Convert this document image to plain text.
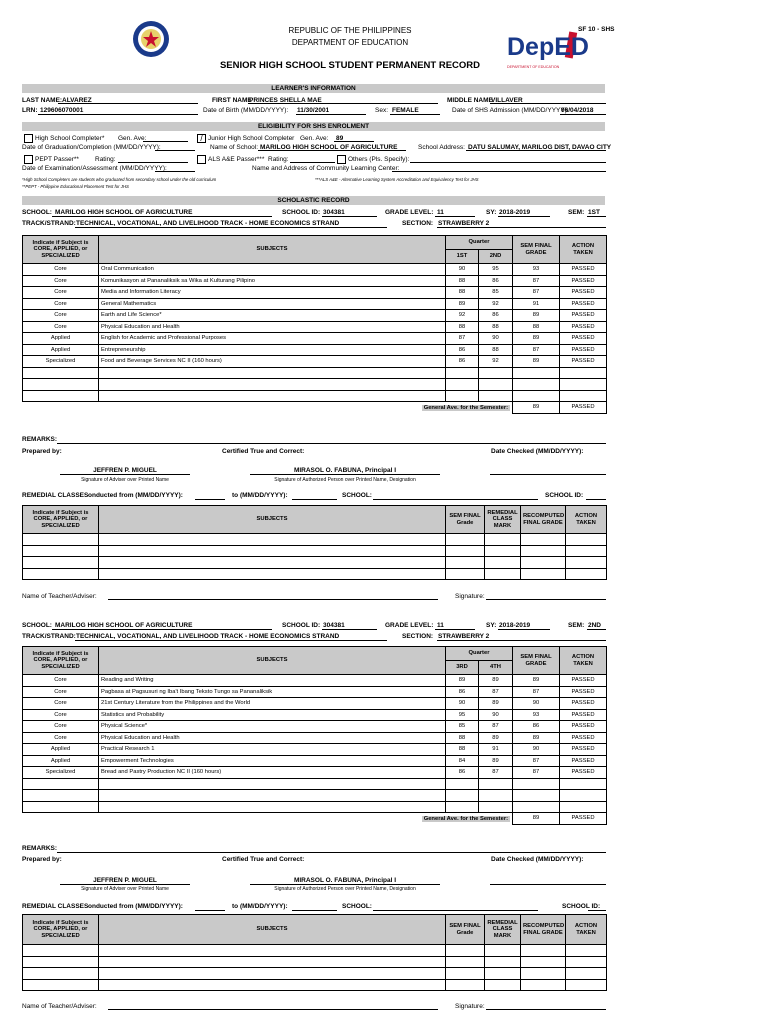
REPUBLIC OF THE PHILIPPINES
DEPARTMENT OF EDUCATION
SENIOR HIGH SCHOOL STUDENT PERMANENT RECORD
SF 10 - SHS
DepED
DEPARTMENT OF EDUCATION
LEARNER'S INFORMATION
LAST NAME: ALVAREZ	FIRST NAME
PRINCES SHELLA MAE	MIDDLE NAME
VILLAVER
LRN: 129606070001	Date of Birth (MM/DD/YYYY): 11/30/2001	Sex: FEMALE	Date of SHS Admission (MM/DD/YYYY):
06/04/2018
ELIGIBILITY FOR SHS ENROLMENT
High School Completer* Gen. Ave:	/ Junior High School Completer Gen. Ave: 89
Date of Graduation/Completion (MM/DD/YYYY):	Name of School: MARILOG HIGH SCHOOL OF AGRICULTURE	School Address: DATU SALUMAY, MARILOG DIST, DAVAO CITY
PEPT Passer** Rating:	ALS A&E Passer*** Rating:	Others (Pls. Specify):
Date of Examination/Assessment (MM/DD/YYYY):	Name and Address of Community Learning Center:
*High School Completers are students who graduated from secondary school under the old curriculum	***ALS A&E - Alternative Learning System Accreditation and Equivalency Test for JHS
**PEPT - Philippine Educational Placement Test for JHS
SCHOLASTIC RECORD
SCHOOL: MARILOG HIGH SCHOOL OF AGRICULTURE	SCHOOL ID: 304381	GRADE LEVEL: 11	SY: 2018-2019	SEM: 1ST
TRACK/STRAND: TECHNICAL, VOCATIONAL, AND LIVELIHOOD TRACK - HOME ECONOMICS STRAND	SECTION: STRAWBERRY 2
Indicate if Subject is CORE, APPLIED, or SPECIALIZED	SUBJECTS	Quarter		SEM FINAL GRADE	ACTION TAKEN
		1ST	2ND		
Core	Oral Communication	90	95	93	PASSED
Core	Komunikasyon at Pananaliksik sa Wika at Kulturang Pilipino	88	86	87	PASSED
Core	Media and Information Literacy	88	85	87	PASSED
Core	General Mathematics	89	92	91	PASSED
Core	Earth and Life Science*	92	86	89	PASSED
Core	Physical Education and Health	88	88	88	PASSED
Applied	English for Academic and Professional Purposes	87	90	89	PASSED
Applied	Entrepreneurship	86	88	87	PASSED
Specialized	Food and Beverage Services NC II (160 hours)	86	92	89	PASSED

General Ave. for the Semester:				89	PASSED
REMARKS:
Prepared by:	Certified True and Correct:	Date Checked (MM/DD/YYYY):
JEFFREN P. MIGUEL
Signature of Adviser over Printed Name
MIRASOL O. FABUNA, Principal I
Signature of Authorized Person over Printed Name, Designation
REMEDIAL CLASSES onducted from (MM/DD/YYYY):	to (MM/DD/YYYY):	SCHOOL:	SCHOOL ID:
Indicate if Subject is CORE, APPLIED, or SPECIALIZED	SUBJECTS	SEM FINAL Grade	REMEDIAL CLASS MARK	RECOMPUTED FINAL GRADE	ACTION TAKEN

Name of Teacher/Adviser:	Signature:
SCHOOL: MARILOG HIGH SCHOOL OF AGRICULTURE	SCHOOL ID: 304381	GRADE LEVEL: 11	SY: 2018-2019	SEM: 2ND
TRACK/STRAND: TECHNICAL, VOCATIONAL, AND LIVELIHOOD TRACK - HOME ECONOMICS STRAND	SECTION: STRAWBERRY 2
Indicate if Subject is CORE, APPLIED, or SPECIALIZED	SUBJECTS	Quarter		SEM FINAL GRADE	ACTION TAKEN
		3RD	4TH		
Core	Reading and Writing	89	89	89	PASSED
Core	Pagbasa at Pagsusuri ng Iba't Ibang Teksto Tungo sa Pananaliksik	86	87	87	PASSED
Core	21st Century Literature from the Philippines and the World	90	89	90	PASSED
Core	Statistics and Probability	95	90	93	PASSED
Core	Physical Science*	85	87	86	PASSED
Core	Physical Education and Health	88	89	89	PASSED
Applied	Practical Research 1	88	91	90	PASSED
Applied	Empowerment Technologies	84	89	87	PASSED
Specialized	Bread and Pastry Production NC II (160 hours)	86	87	87	PASSED

General Ave. for the Semester:				89	PASSED
REMARKS:
Prepared by:	Certified True and Correct:	Date Checked (MM/DD/YYYY):
JEFFREN P. MIGUEL
Signature of Adviser over Printed Name
MIRASOL O. FABUNA, Principal I
Signature of Authorized Person over Printed Name, Designation
REMEDIAL CLASSES onducted from (MM/DD/YYYY):	to (MM/DD/YYYY):	SCHOOL:	SCHOOL ID:
Indicate if Subject is CORE, APPLIED, or SPECIALIZED	SUBJECTS	SEM FINAL Grade	REMEDIAL CLASS MARK	RECOMPUTED FINAL GRADE	ACTION TAKEN

Name of Teacher/Adviser:	Signature:
